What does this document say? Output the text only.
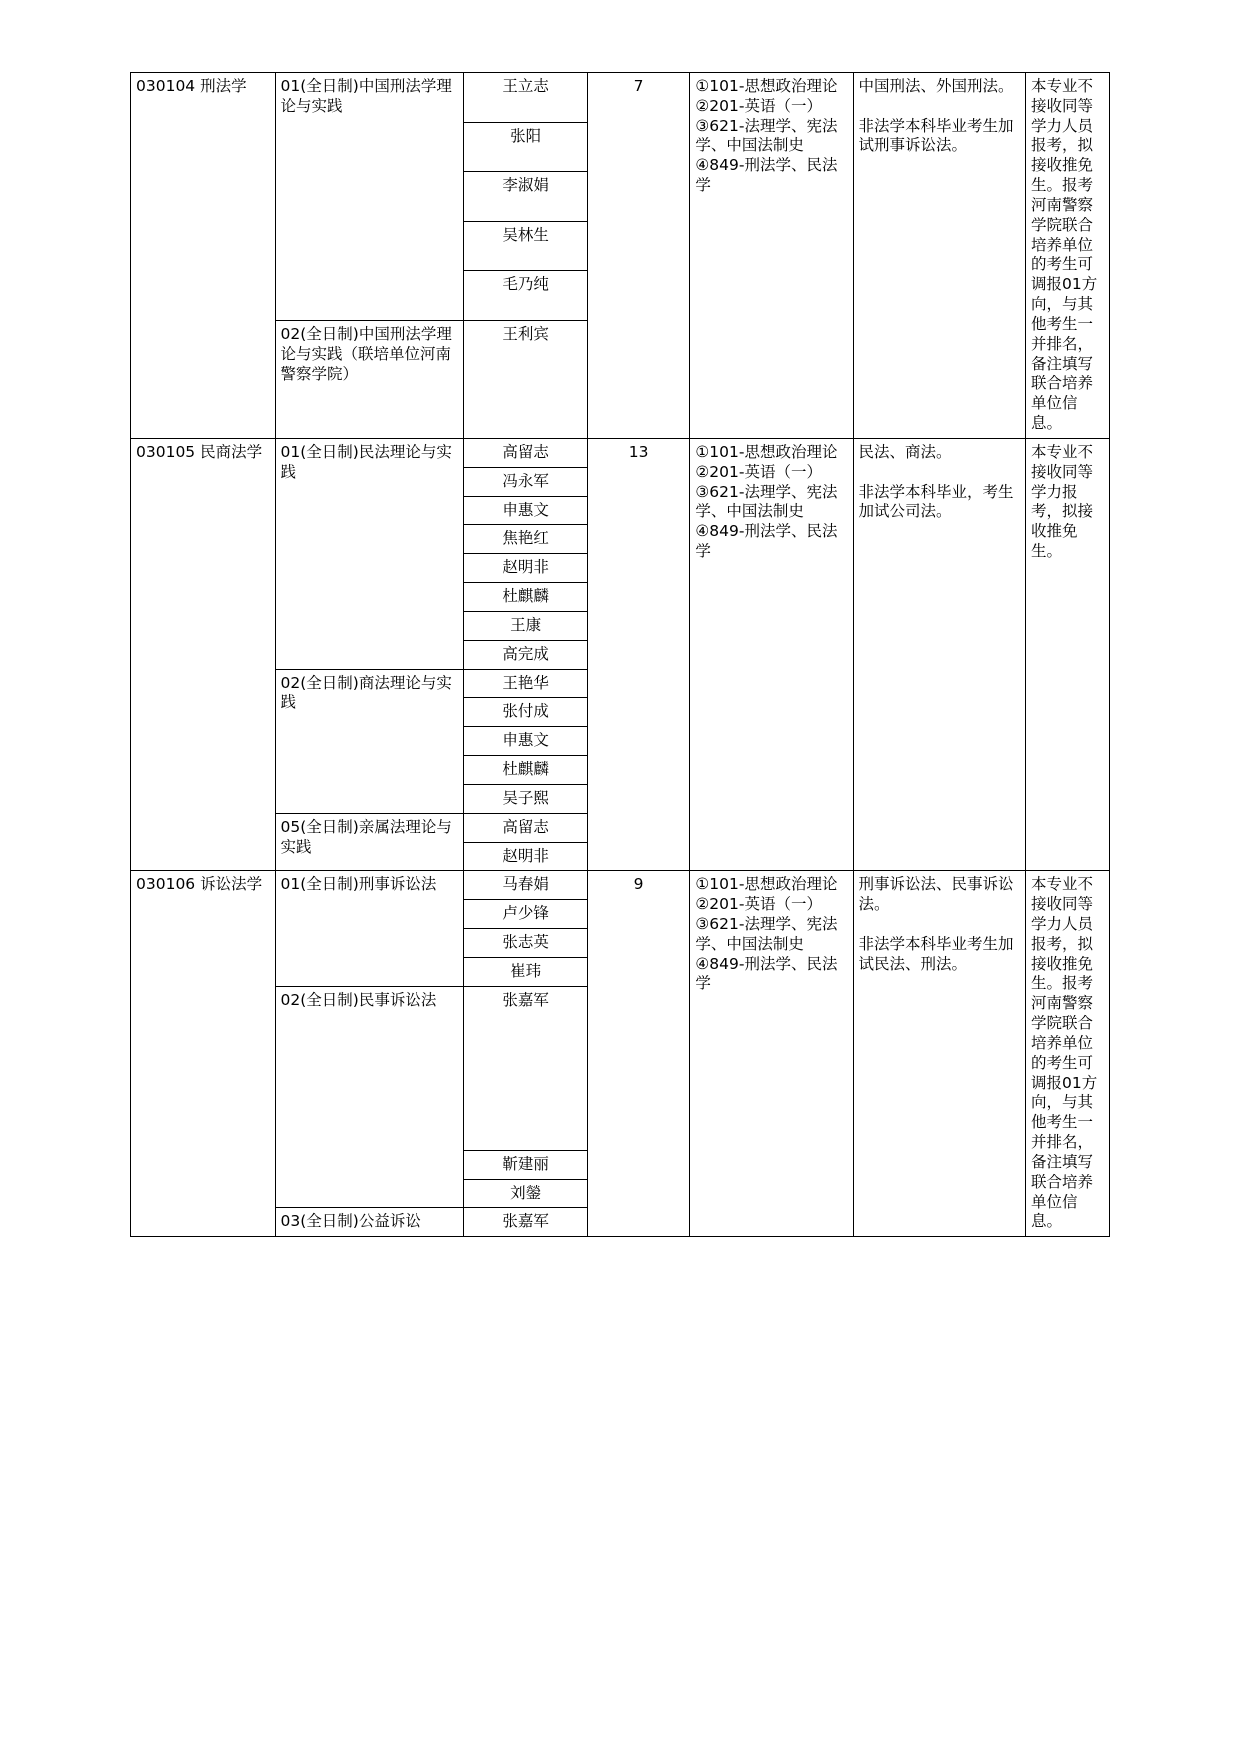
030104 刑法学	01(全日制)中国刑法学理论与实践	王立志	7	①101-思想政治理论
②201-英语（一）
③621-法理学、宪法学、中国法制史
④849-刑法学、民法学	中国刑法、外国刑法。
非法学本科毕业考生加试刑事诉讼法。	本专业不接收同等学力人员报考，拟接收推免生。报考河南警察学院联合培养单位的考生可调报01方向，与其他考生一并排名，备注填写联合培养单位信息。
		张阳				
		李淑娟				
		吴林生				
		毛乃纯				
	02(全日制)中国刑法学理论与实践（联培单位河南警察学院）	王利宾				
030105 民商法学	01(全日制)民法理论与实践	高留志	13	①101-思想政治理论
②201-英语（一）
③621-法理学、宪法学、中国法制史
④849-刑法学、民法学	民法、商法。
非法学本科毕业，考生加试公司法。	本专业不接收同等学力报考，拟接收推免生。
		冯永军				
		申惠文				
		焦艳红				
		赵明非				
		杜麒麟				
		王康				
		高完成				
	02(全日制)商法理论与实践	王艳华				
		张付成				
		申惠文				
		杜麒麟				
		吴子熙				
	05(全日制)亲属法理论与实践	高留志				
		赵明非				
030106 诉讼法学	01(全日制)刑事诉讼法	马春娟	9	①101-思想政治理论
②201-英语（一）
③621-法理学、宪法学、中国法制史
④849-刑法学、民法学	刑事诉讼法、民事诉讼法。
非法学本科毕业考生加试民法、刑法。	本专业不接收同等学力人员报考，拟接收推免生。报考河南警察学院联合培养单位的考生可调报01方向，与其他考生一并排名，备注填写联合培养单位信息。
		卢少锋				
		张志英				
		崔玮				
	02(全日制)民事诉讼法	张嘉军				
		靳建丽				
		刘鎣				
	03(全日制)公益诉讼	张嘉军				
